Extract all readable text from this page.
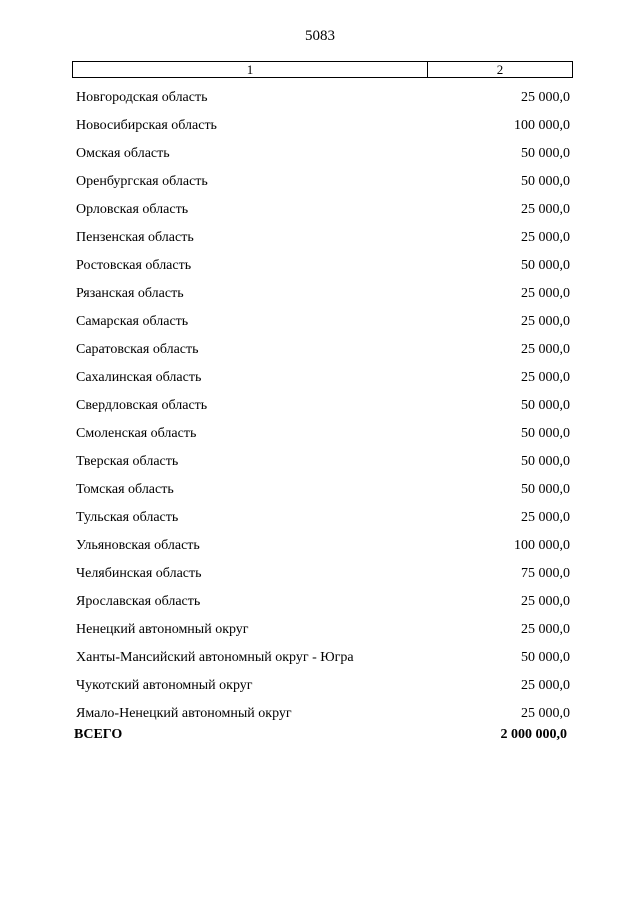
5083
1	2
Новгородская область	25 000,0
Новосибирская область	100 000,0
Омская область	50 000,0
Оренбургская область	50 000,0
Орловская область	25 000,0
Пензенская область	25 000,0
Ростовская область	50 000,0
Рязанская область	25 000,0
Самарская область	25 000,0
Саратовская область	25 000,0
Сахалинская область	25 000,0
Свердловская область	50 000,0
Смоленская область	50 000,0
Тверская область	50 000,0
Томская область	50 000,0
Тульская область	25 000,0
Ульяновская область	100 000,0
Челябинская область	75 000,0
Ярославская область	25 000,0
Ненецкий автономный округ	25 000,0
Ханты-Мансийский автономный округ - Югра	50 000,0
Чукотский автономный округ	25 000,0
Ямало-Ненецкий автономный округ	25 000,0
ВСЕГО	2 000 000,0
